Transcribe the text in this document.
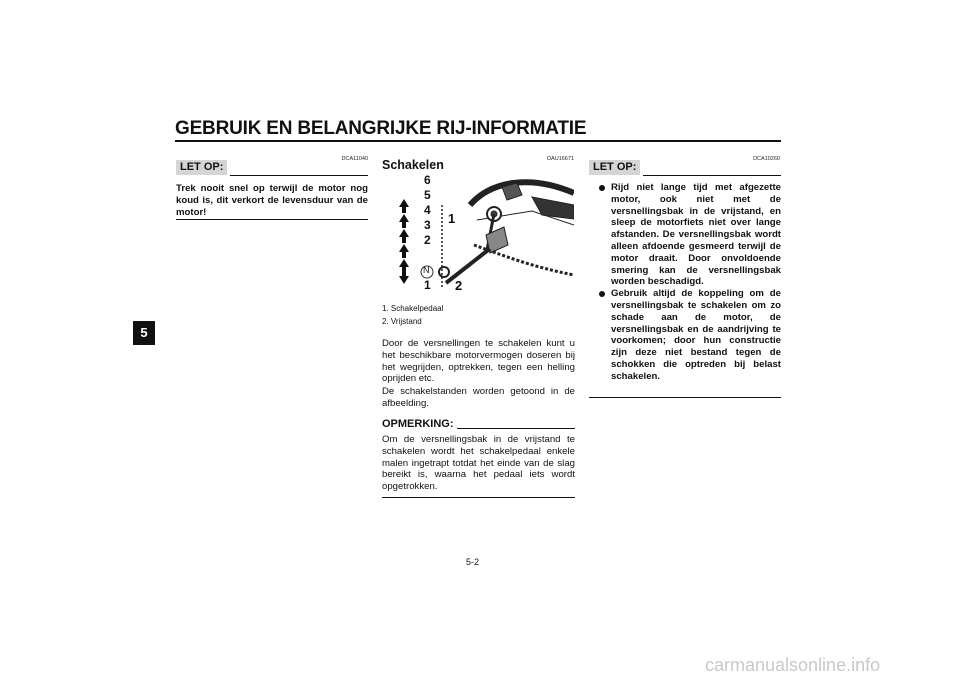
GEBRUIK EN BELANGRIJKE RIJ-INFORMATIE
5
DCA11040
LET OP:
Trek nooit snel op terwijl de motor nog koud is, dit verkort de levensduur van de motor!
DAU16671
Schakelen
6
5
4
3
2
N
1
1
2
1. Schakelpedaal
2. Vrijstand
Door de versnellingen te schakelen kunt u het beschikbare motorvermogen doseren bij het wegrijden, optrekken, tegen een helling oprijden etc.
De schakelstanden worden getoond in de afbeelding.
OPMERKING:
Om de versnellingsbak in de vrijstand te schakelen wordt het schakelpedaal enkele malen ingetrapt totdat het einde van de slag bereikt is, waarna het pedaal iets wordt opgetrokken.
DCA10260
LET OP:
Rijd niet lange tijd met afgezette motor, ook niet met de versnellingsbak in de vrijstand, en sleep de motorfiets niet over lange afstanden. De versnellingsbak wordt alleen afdoende gesmeerd terwijl de motor draait. Door onvoldoende smering kan de versnellingsbak worden beschadigd.
Gebruik altijd de koppeling om de versnellingsbak te schakelen om zo schade aan de motor, de versnellingsbak en de aandrijving te voorkomen; door hun constructie zijn deze niet bestand tegen de schokken die optreden bij belast schakelen.
5-2
carmanualsonline.info
